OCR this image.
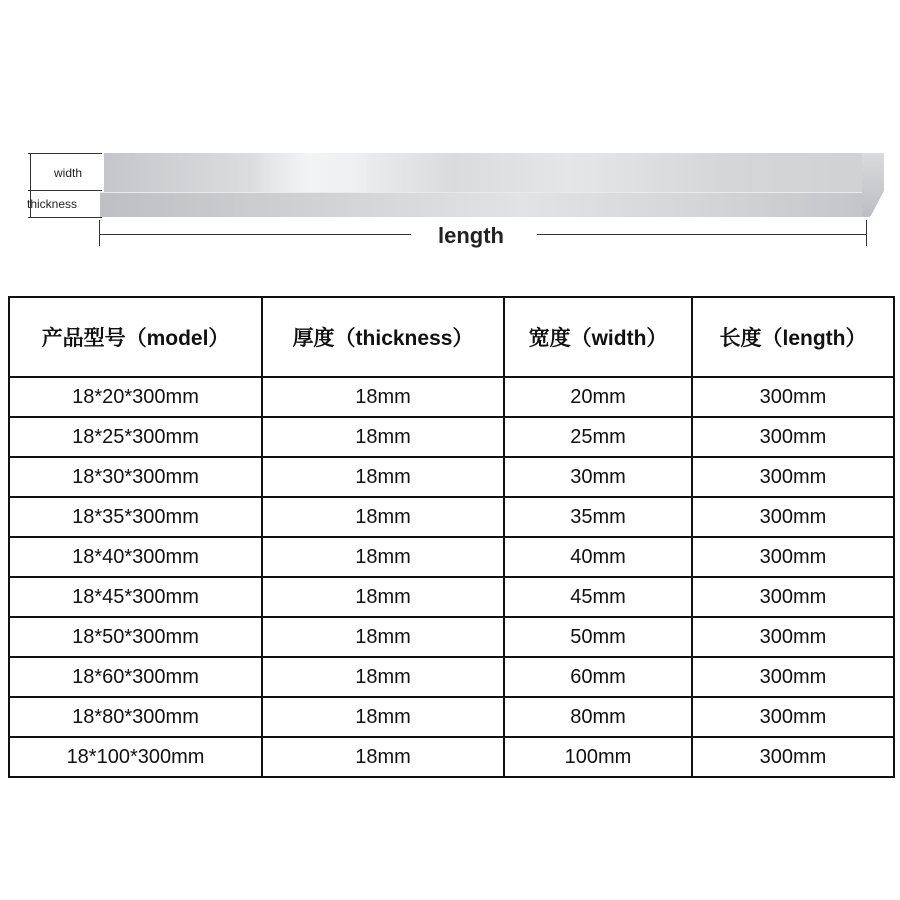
width
thickness
length
产品型号（model）	厚度（thickness）	宽度（width）	长度（length）
18*20*300mm	18mm	20mm	300mm
18*25*300mm	18mm	25mm	300mm
18*30*300mm	18mm	30mm	300mm
18*35*300mm	18mm	35mm	300mm
18*40*300mm	18mm	40mm	300mm
18*45*300mm	18mm	45mm	300mm
18*50*300mm	18mm	50mm	300mm
18*60*300mm	18mm	60mm	300mm
18*80*300mm	18mm	80mm	300mm
18*100*300mm	18mm	100mm	300mm
